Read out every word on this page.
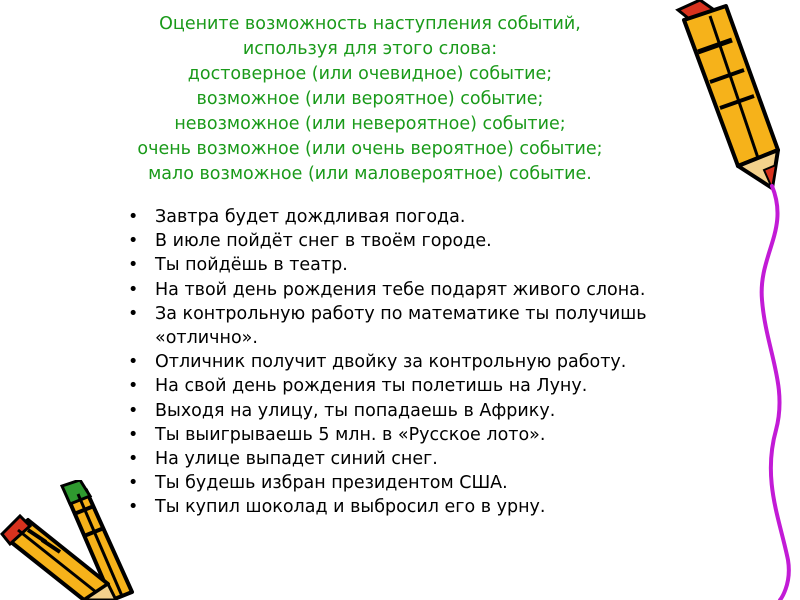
Оцените возможность наступления событий,
используя для этого слова:
достоверное (или очевидное) событие;
возможное (или вероятное) событие;
невозможное (или невероятное) событие;
очень возможное (или очень вероятное) событие;
мало возможное (или маловероятное) событие.
• Завтра будет дождливая погода.
• В июле пойдёт снег в твоём городе.
• Ты пойдёшь в театр.
• На твой день рождения тебе подарят живого слона.
• За контрольную работу по математике ты получишь
«отлично».
• Отличник получит двойку за контрольную работу.
• На свой день рождения ты полетишь на Луну.
• Выходя на улицу, ты попадаешь в Африку.
• Ты выигрываешь 5 млн. в «Русское лото».
• На улице выпадет синий снег.
• Ты будешь избран президентом США.
• Ты купил шоколад и выбросил его в урну.
